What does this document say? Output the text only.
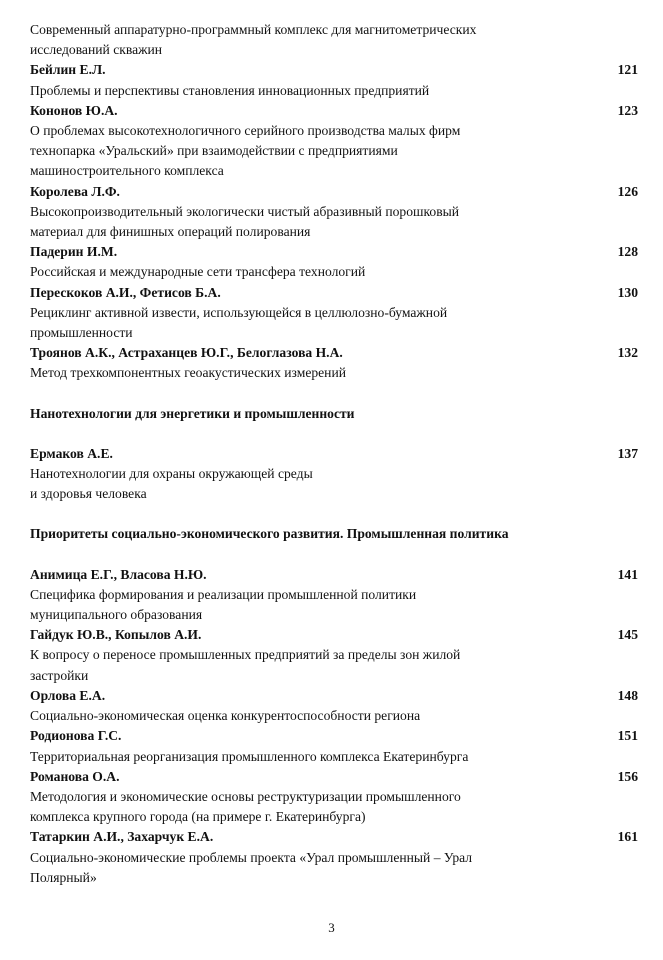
Современный аппаратурно-программный комплекс для магнитометрических
исследований скважин
Бейлин Е.Л.	121
Проблемы и перспективы становления инновационных предприятий
Кононов Ю.А.	123
О проблемах высокотехнологичного серийного производства малых фирм
технопарка «Уральский» при взаимодействии с предприятиями
машиностроительного комплекса
Королева Л.Ф.	126
Высокопроизводительный экологически чистый абразивный порошковый
материал для финишных операций полирования
Падерин И.М.	128
Российская и международные сети трансфера технологий
Перескоков А.И., Фетисов Б.А.	130
Рециклинг активной извести, использующейся в целлюлозно-бумажной
промышленности
Троянов А.К., Астраханцев Ю.Г., Белоглазова Н.А.	132
Метод трехкомпонентных геоакустических измерений
Нанотехнологии для энергетики и промышленности
Ермаков А.Е.	137
Нанотехнологии для охраны окружающей среды
и здоровья человека
Приоритеты социально-экономического развития. Промышленная политика
Анимица Е.Г., Власова Н.Ю.	141
Специфика формирования и реализации промышленной политики
муниципального образования
Гайдук Ю.В., Копылов А.И.	145
К вопросу о переносе промышленных предприятий за пределы зон жилой
застройки
Орлова Е.А.	148
Социально-экономическая оценка конкурентоспособности региона
Родионова Г.С.	151
Территориальная реорганизация промышленного комплекса Екатеринбурга
Романова О.А.	156
Методология и экономические основы реструктуризации промышленного
комплекса крупного города (на примере г. Екатеринбурга)
Татаркин А.И., Захарчук Е.А.	161
Социально-экономические проблемы проекта «Урал промышленный – Урал
Полярный»
3
